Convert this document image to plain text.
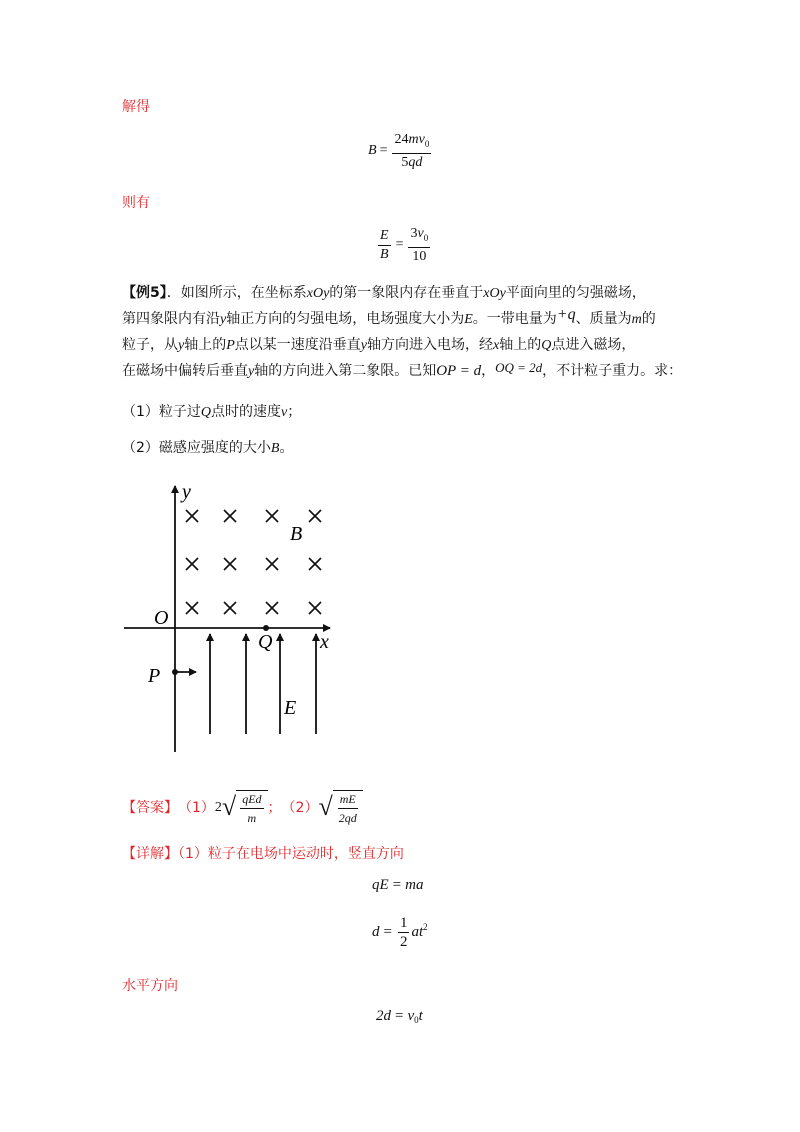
解得
$B = \frac{24mv_0}{5qd}$
则有
$\frac{E}{B} = \frac{3v_0}{10}$
【例5】．如图所示，在坐标系xOy的第一象限内存在垂直于xOy平面向里的匀强磁场，
第四象限内有沿y轴正方向的匀强电场，电场强度大小为E。一带电量为+q、质量为m的
粒子，从y轴上的P点以某一速度沿垂直y轴方向进入电场，经x轴上的Q点进入磁场，
在磁场中偏转后垂直y轴的方向进入第二象限。已知OP = d，OQ = 2d，不计粒子重力。求：
（1）粒子过Q点时的速度v；
（2）磁感应强度的大小B。
y
x
O
Q
P
B
E
【答案】 （1） 2 √ $\frac{\text{qEd}}{m}$ ； （2） √ $\frac{mE}{2qd}$
【详解】（1）粒子在电场中运动时，竖直方向
qE = ma
$d = \frac{1}{2} at^2$
水平方向
$2d = v_0$ t
